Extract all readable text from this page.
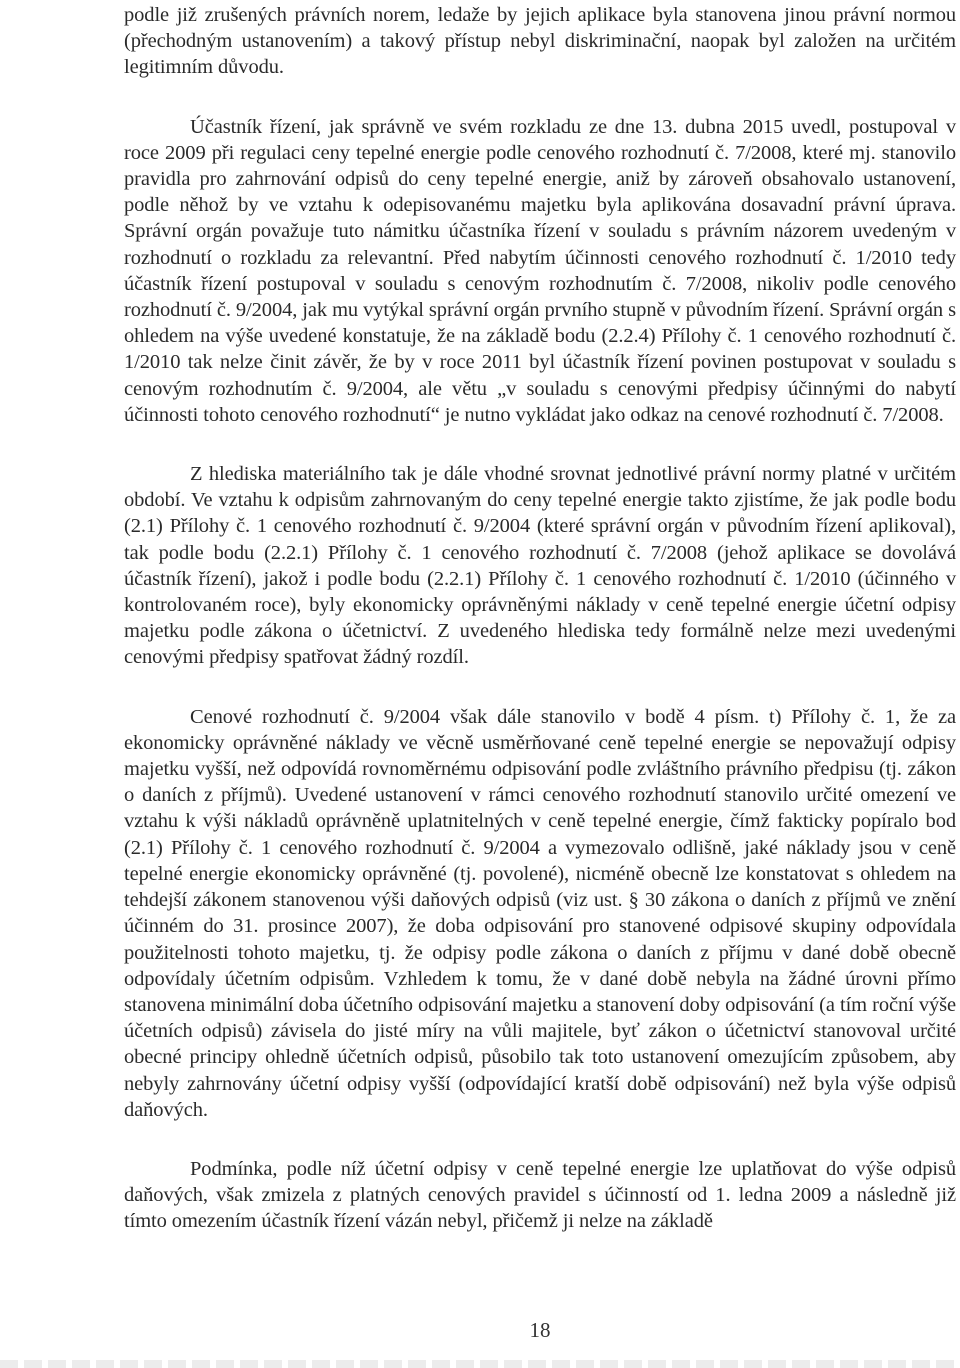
podle již zrušených právních norem, ledaže by jejich aplikace byla stanovena jinou právní normou (přechodným ustanovením) a takový přístup nebyl diskriminační, naopak byl založen na určitém legitimním důvodu.

Účastník řízení, jak správně ve svém rozkladu ze dne 13. dubna 2015 uvedl, postupoval v roce 2009 při regulaci ceny tepelné energie podle cenového rozhodnutí č. 7/2008, které mj. stanovilo pravidla pro zahrnování odpisů do ceny tepelné energie, aniž by zároveň obsahovalo ustanovení, podle něhož by ve vztahu k odepisovanému majetku byla aplikována dosavadní právní úprava. Správní orgán považuje tuto námitku účastníka řízení v souladu s právním názorem uvedeným v rozhodnutí o rozkladu za relevantní. Před nabytím účinnosti cenového rozhodnutí č. 1/2010 tedy účastník řízení postupoval v souladu s cenovým rozhodnutím č. 7/2008, nikoliv podle cenového rozhodnutí č. 9/2004, jak mu vytýkal správní orgán prvního stupně v původním řízení. Správní orgán s ohledem na výše uvedené konstatuje, že na základě bodu (2.2.4) Přílohy č. 1 cenového rozhodnutí č. 1/2010 tak nelze činit závěr, že by v roce 2011 byl účastník řízení povinen postupovat v souladu s cenovým rozhodnutím č. 9/2004, ale větu „v souladu s cenovými předpisy účinnými do nabytí účinnosti tohoto cenového rozhodnutí“ je nutno vykládat jako odkaz na cenové rozhodnutí č. 7/2008.

Z hlediska materiálního tak je dále vhodné srovnat jednotlivé právní normy platné v určitém období. Ve vztahu k odpisům zahrnovaným do ceny tepelné energie takto zjistíme, že jak podle bodu (2.1) Přílohy č. 1 cenového rozhodnutí č. 9/2004 (které správní orgán v původním řízení aplikoval), tak podle bodu (2.2.1) Přílohy č. 1 cenového rozhodnutí č. 7/2008 (jehož aplikace se dovolává účastník řízení), jakož i podle bodu (2.2.1) Přílohy č. 1 cenového rozhodnutí č. 1/2010 (účinného v kontrolovaném roce), byly ekonomicky oprávněnými náklady v ceně tepelné energie účetní odpisy majetku podle zákona o účetnictví. Z uvedeného hlediska tedy formálně nelze mezi uvedenými cenovými předpisy spatřovat žádný rozdíl.

Cenové rozhodnutí č. 9/2004 však dále stanovilo v bodě 4 písm. t) Přílohy č. 1, že za ekonomicky oprávněné náklady ve věcně usměrňované ceně tepelné energie se nepovažují odpisy majetku vyšší, než odpovídá rovnoměrnému odpisování podle zvláštního právního předpisu (tj. zákon o daních z příjmů). Uvedené ustanovení v rámci cenového rozhodnutí stanovilo určité omezení ve vztahu k výši nákladů oprávněně uplatnitelných v ceně tepelné energie, čímž fakticky popíralo bod (2.1) Přílohy č. 1 cenového rozhodnutí č. 9/2004 a vymezovalo odlišně, jaké náklady jsou v ceně tepelné energie ekonomicky oprávněné (tj. povolené), nicméně obecně lze konstatovat s ohledem na tehdejší zákonem stanovenou výši daňových odpisů (viz ust. § 30 zákona o daních z příjmů ve znění účinném do 31. prosince 2007), že doba odpisování pro stanovené odpisové skupiny odpovídala použitelnosti tohoto majetku, tj. že odpisy podle zákona o daních z příjmu v dané době obecně odpovídaly účetním odpisům. Vzhledem k tomu, že v dané době nebyla na žádné úrovni přímo stanovena minimální doba účetního odpisování majetku a stanovení doby odpisování (a tím roční výše účetních odpisů) závisela do jisté míry na vůli majitele, byť zákon o účetnictví stanovoval určité obecné principy ohledně účetních odpisů, působilo tak toto ustanovení omezujícím způsobem, aby nebyly zahrnovány účetní odpisy vyšší (odpovídající kratší době odpisování) než byla výše odpisů daňových.

Podmínka, podle níž účetní odpisy v ceně tepelné energie lze uplatňovat do výše odpisů daňových, však zmizela z platných cenových pravidel s účinností od 1. ledna 2009 a následně již tímto omezením účastník řízení vázán nebyl, přičemž ji nelze na základě

18
